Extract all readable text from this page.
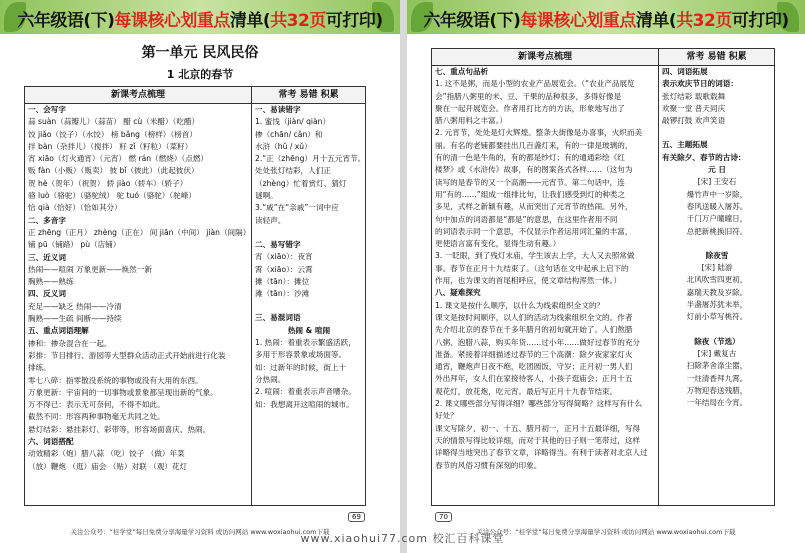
六年级语(下)每课核心划重点清单(共32页可打印)
第一单元 民风民俗
1 北京的春节
新课考点梳理	常考 易错 积累
一、会写字
蒜 suàn（蒜瓣儿）（蒜苗） 醋 cù（米醋）（吃醋）
饺 jiǎo（饺子）（水饺） 榜 bǎng（榜样）（榜首）
拌 bàn（杂拌儿）（搅拌） 籽 zǐ（籽粒）（菜籽）
宵 xiāo（灯火通宵）（元宵） 燃 rán（燃烧）（点燃）
贩 fàn（小贩）（贩卖） 彼 bǐ（彼此）（此起彼伏）
贺 hè（贺年）（祝贺） 轿 jiào（轿车）（轿子）
骆 luò（骆驼）（骆驼绒） 驼 tuó（骆驼）（驼峰）
恰 qià（恰好）（恰如其分）
二、多音字
正 zhēng（正月） zhèng（正在） 间 jiān（中间） jiàn（间隔）
铺 pū（铺路） pù（店铺）
三、近义词
热闹——喧闹 万象更新——焕然一新
胸熟——熟练
四、反义词
充足——缺乏 热闹——冷清
胸熟——生疏 间断——持续
五、重点词语理解
掺和：掺杂混合在一起。
彩排：节目排行、游园等大型群众活动正式开始前进行化装
排练。
零七八碎：指零散没系统的事物或没有大用的东西。
万象更新：宇宙间的一切事物或景象都呈现出新的气象。
万不得已：表示无可奈何，不得不如此。
截然不同：形容两种事物毫无共同之处。
悬灯结彩：悬挂彩灯、彩带等，形容场面喜庆、热闹。
六、词语搭配
动效精彩（炮）腊八蒜 （吃）饺子 （做）年菜
（放）鞭炮 （逛）庙会 （贴）对联 （观）花灯
一、易读错字
1. 蜜饯（jiàn/ qiàn）
掺（chān/ cǎn）和
水浒（hǔ / xǔ）
2.“正（zhēng）月十五元宵节。
处处张灯结彩，人们正
（zhèng）忙着赏灯、猜灯
谜啊。
3.“戚”在“亲戚”一词中应
读轻声。
二、易写错字
宵（xiāo）：夜宵
霄（xiāo）：云霄
摊（tān）：摊位
滩（tān）：沙滩
三、易混词语
热闹 & 喧闹
1. 热闹：着重表示繁盛活跃，
多用于形容景象或场面等。
如：过新年的时候，街上十
分热闹。
2. 喧闹：着重表示声音嘈杂。
如：我想离开这喧闹的城市。
69
关注公众号：“桂学堂”每日免费分享海量学习资料 或访问网站 www.woxiaohui.com下载
六年级语(下)每课核心划重点清单(共32页可打印)
新课考点梳理	常考 易错 积累
七、重点句品析
1. 这不是粥，而是小型的农业产品展览会。（“农业产品展览
会”指腊八粥里的米、豆、干果的品种很多，多得好像是
聚在一起开展览会。作者用打比方的方法，形象地写出了
腊八粥用料之丰富。）
2. 元宵节，处处是灯火辉煌。整条大街像是办喜事，火炽而美
丽。有名的老铺都要挂出几百盏灯来，有的一律是玻璃的，
有的清一色是牛角的，有的都是纱灯；有的通通彩绘《红
楼梦》或《水浒传》故事，有的图案各式各样……（这句为
读写的是春节的又一个高潮——元宵节。第二句话中，连
用“有的……”组成一组排比句，让我们感受到灯的种类之
多见，式样之新颖有趣，从而突出了元宵节的热闹。另外，
句中加点的词语都是“都是”的意思，在这里作者用不同
的词语表示同一个意思，不仅显示作者运用词汇量的丰富，
更使语言富有变化，显得生动有趣。）
3. 一眨眼，到了残灯末庙，学生该去上学，大人又去照常做
事。春节在正月十九结束了。（这句话在文中起承上启下的
作用，也为课文的首尾相呼应，使文章结构浑然一体。）
八、疑难探究
1. 课文是按什么顺序，以什么为线索组织全文的？
课文是按时间顺序，以人们的活动为线索组织全文的。作者
先介绍北京的春节在千多年腊月的初旬就开始了。人们熬腊
八粥、泡腊八蒜，购买年货……过小年……做好过春节的充分
准备。紧接着详细描述过春节的三个高潮：除夕夜家家灯火
通宵，鞭炮声日夜不绝，吃团圆饭，守岁；正月初一男人们
外出拜年，女人们在家接待客人，小孩子逛庙会；正月十五
观花灯，放花炮，吃元宵。最后写正月十九春节结束。
2. 课文哪些部分写得详细？哪些部分写得简略？这样写有什么
好处？
课文写除夕、初一、十五、腊月初一，正月十五最详细，写得
天的情景写得比较详细，而对于其他的日子则一笔带过，这样
详略得当地突出了春节文章，详略得当。有利于读者对北京人过
春节的风俗习惯有深刻的印象。
四、词语拓展
表示欢庆节日的词语：
张灯结彩 载歌载舞
欢聚一堂 普天同庆
敲锣打鼓 欢声笑语
五、主题拓展
有关除夕、春节的古诗：
元 日
[宋] 王安石
爆竹声中一岁除，
春风送暖入屠苏。
千门万户曈曈日，
总把新桃换旧符。
除夜雪
[宋] 陆游
北风吹雪四更初，
嘉瑞天教及岁除。
半盏屠苏犹未举，
灯前小草写桃符。
除夜（节选）
[宋] 戴复古
扫除茅舍涤尘嚣，
一炷清香拜九霄。
万物迎春送残腊，
一年结局在今宵。
70
关注公众号：“桂学堂”每日免费分享海量学习资料 或访问网站 www.woxiaohui.com下载
www.xiaohui77.com 校汇百科课堂
